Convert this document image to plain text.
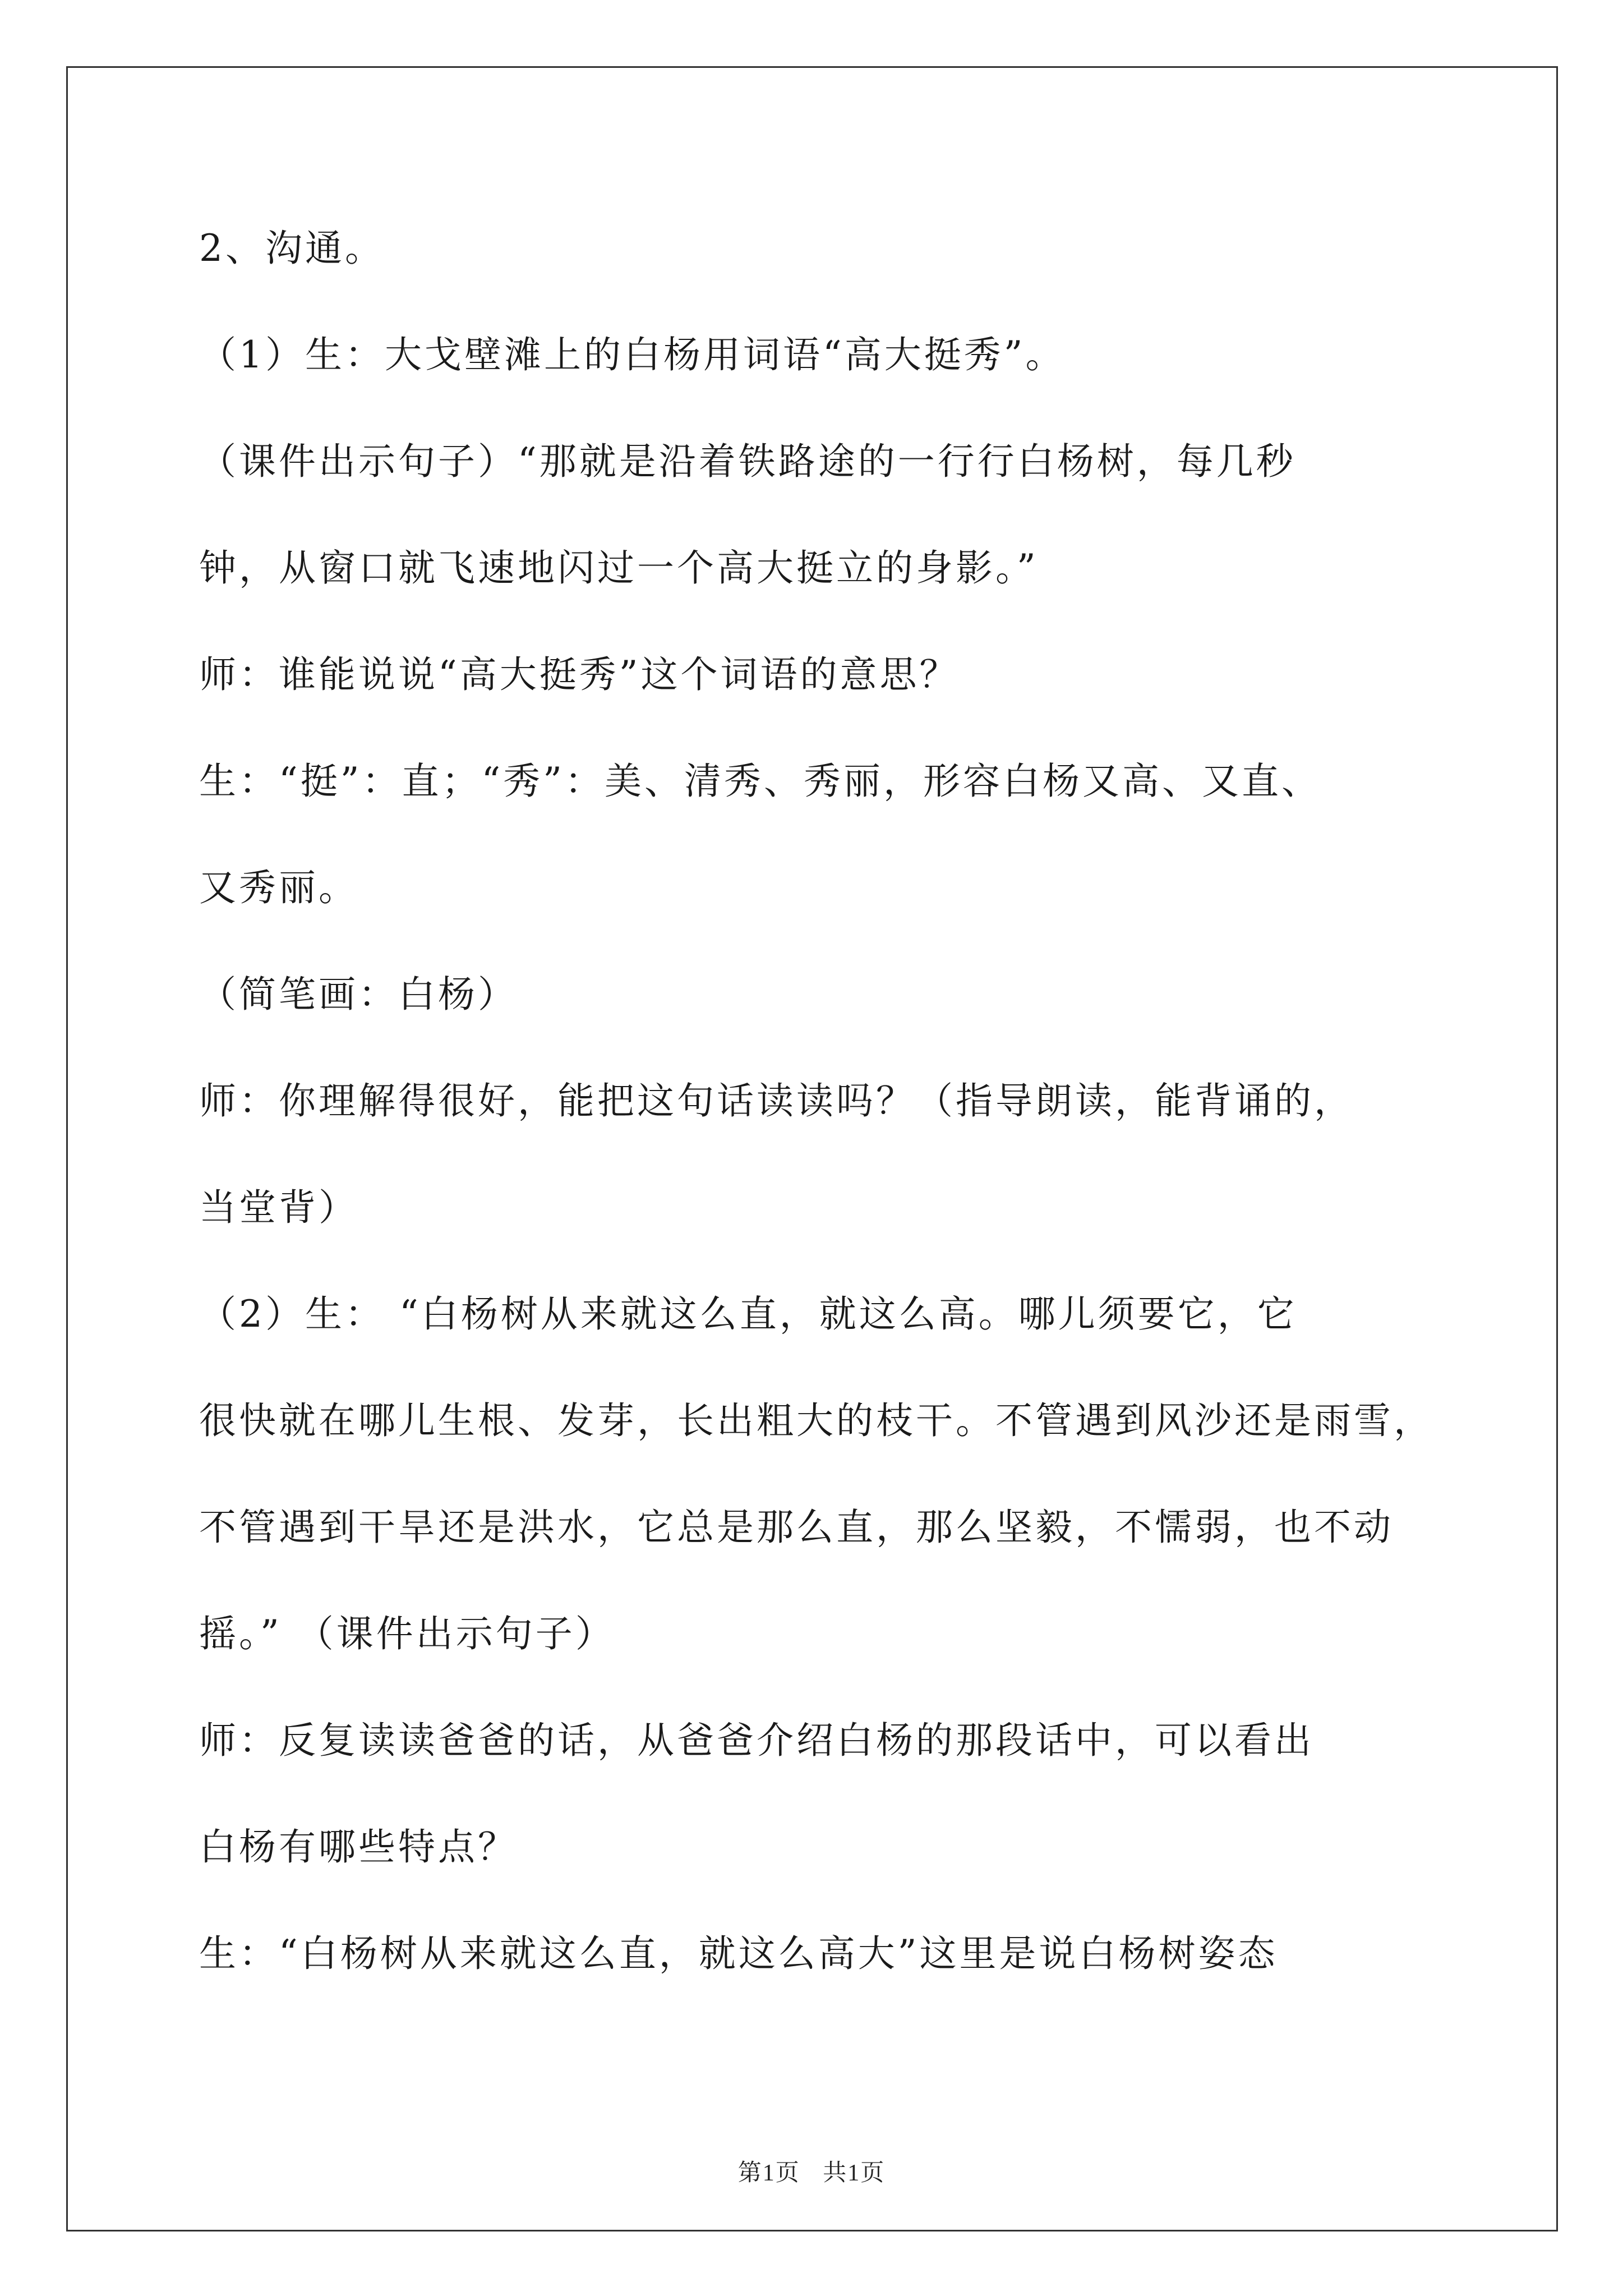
2、沟通。

（1）生：大戈壁滩上的白杨用词语“高大挺秀”。

（课件出示句子）“那就是沿着铁路途的一行行白杨树，每几秒

钟，从窗口就飞速地闪过一个高大挺立的身影。”

师：谁能说说“高大挺秀”这个词语的意思？

生：“挺”：直；“秀”：美、清秀、秀丽，形容白杨又高、又直、

又秀丽。

（简笔画：白杨）

师：你理解得很好，能把这句话读读吗？（指导朗读，能背诵的，

当堂背）

（2）生： “白杨树从来就这么直，就这么高。哪儿须要它，它

很快就在哪儿生根、发芽，长出粗大的枝干。不管遇到风沙还是雨雪，

不管遇到干旱还是洪水，它总是那么直，那么坚毅，不懦弱，也不动

摇。” （课件出示句子）

师：反复读读爸爸的话，从爸爸介绍白杨的那段话中，可以看出

白杨有哪些特点？

生：“白杨树从来就这么直，就这么高大”这里是说白杨树姿态

第1页 共1页
